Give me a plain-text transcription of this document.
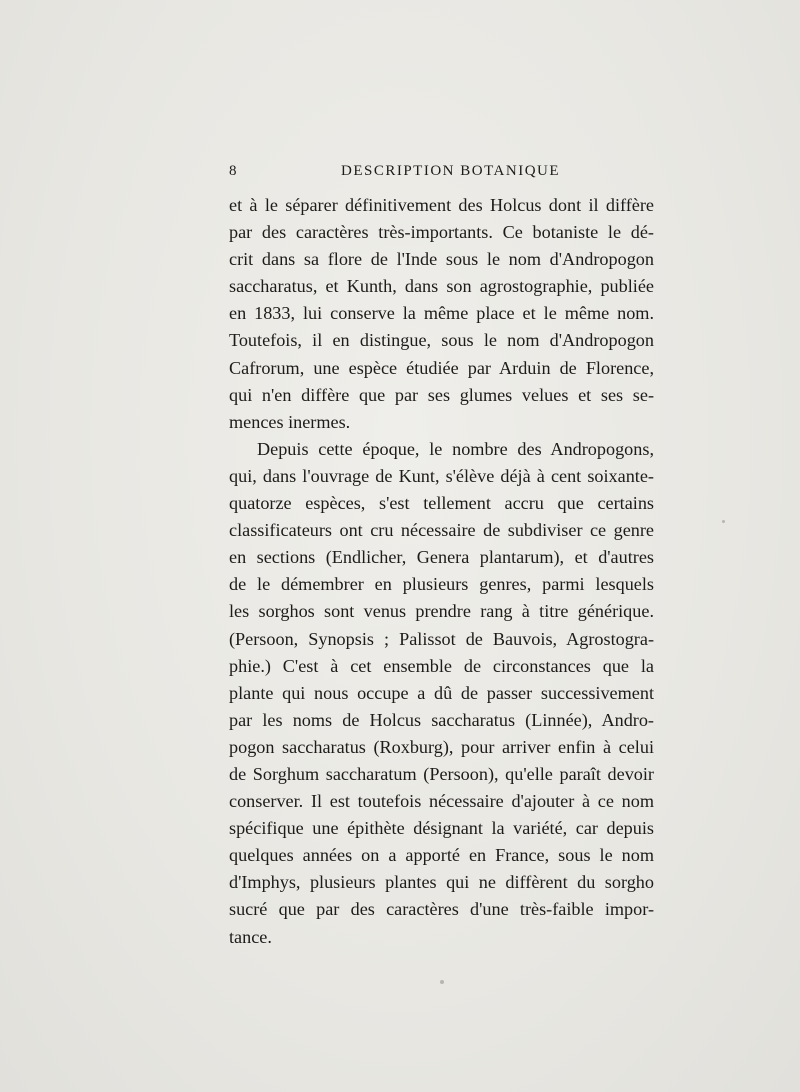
8	DESCRIPTION BOTANIQUE
et à le séparer définitivement des Holcus dont il diffère
par des caractères très-importants. Ce botaniste le dé-
crit dans sa flore de l'Inde sous le nom d'Andropogon
saccharatus, et Kunth, dans son agrostographie, publiée
en 1833, lui conserve la même place et le même nom.
Toutefois, il en distingue, sous le nom d'Andropogon
Cafrorum, une espèce étudiée par Arduin de Florence,
qui n'en diffère que par ses glumes velues et ses se-
mences inermes.
Depuis cette époque, le nombre des Andropogons,
qui, dans l'ouvrage de Kunt, s'élève déjà à cent soixante-
quatorze espèces, s'est tellement accru que certains
classificateurs ont cru nécessaire de subdiviser ce genre
en sections (Endlicher, Genera plantarum), et d'autres
de le démembrer en plusieurs genres, parmi lesquels
les sorghos sont venus prendre rang à titre générique.
(Persoon, Synopsis ; Palissot de Bauvois, Agrostogra-
phie.) C'est à cet ensemble de circonstances que la
plante qui nous occupe a dû de passer successivement
par les noms de Holcus saccharatus (Linnée), Andro-
pogon saccharatus (Roxburg), pour arriver enfin à celui
de Sorghum saccharatum (Persoon), qu'elle paraît devoir
conserver. Il est toutefois nécessaire d'ajouter à ce nom
spécifique une épithète désignant la variété, car depuis
quelques années on a apporté en France, sous le nom
d'Imphys, plusieurs plantes qui ne diffèrent du sorgho
sucré que par des caractères d'une très-faible impor-
tance.
